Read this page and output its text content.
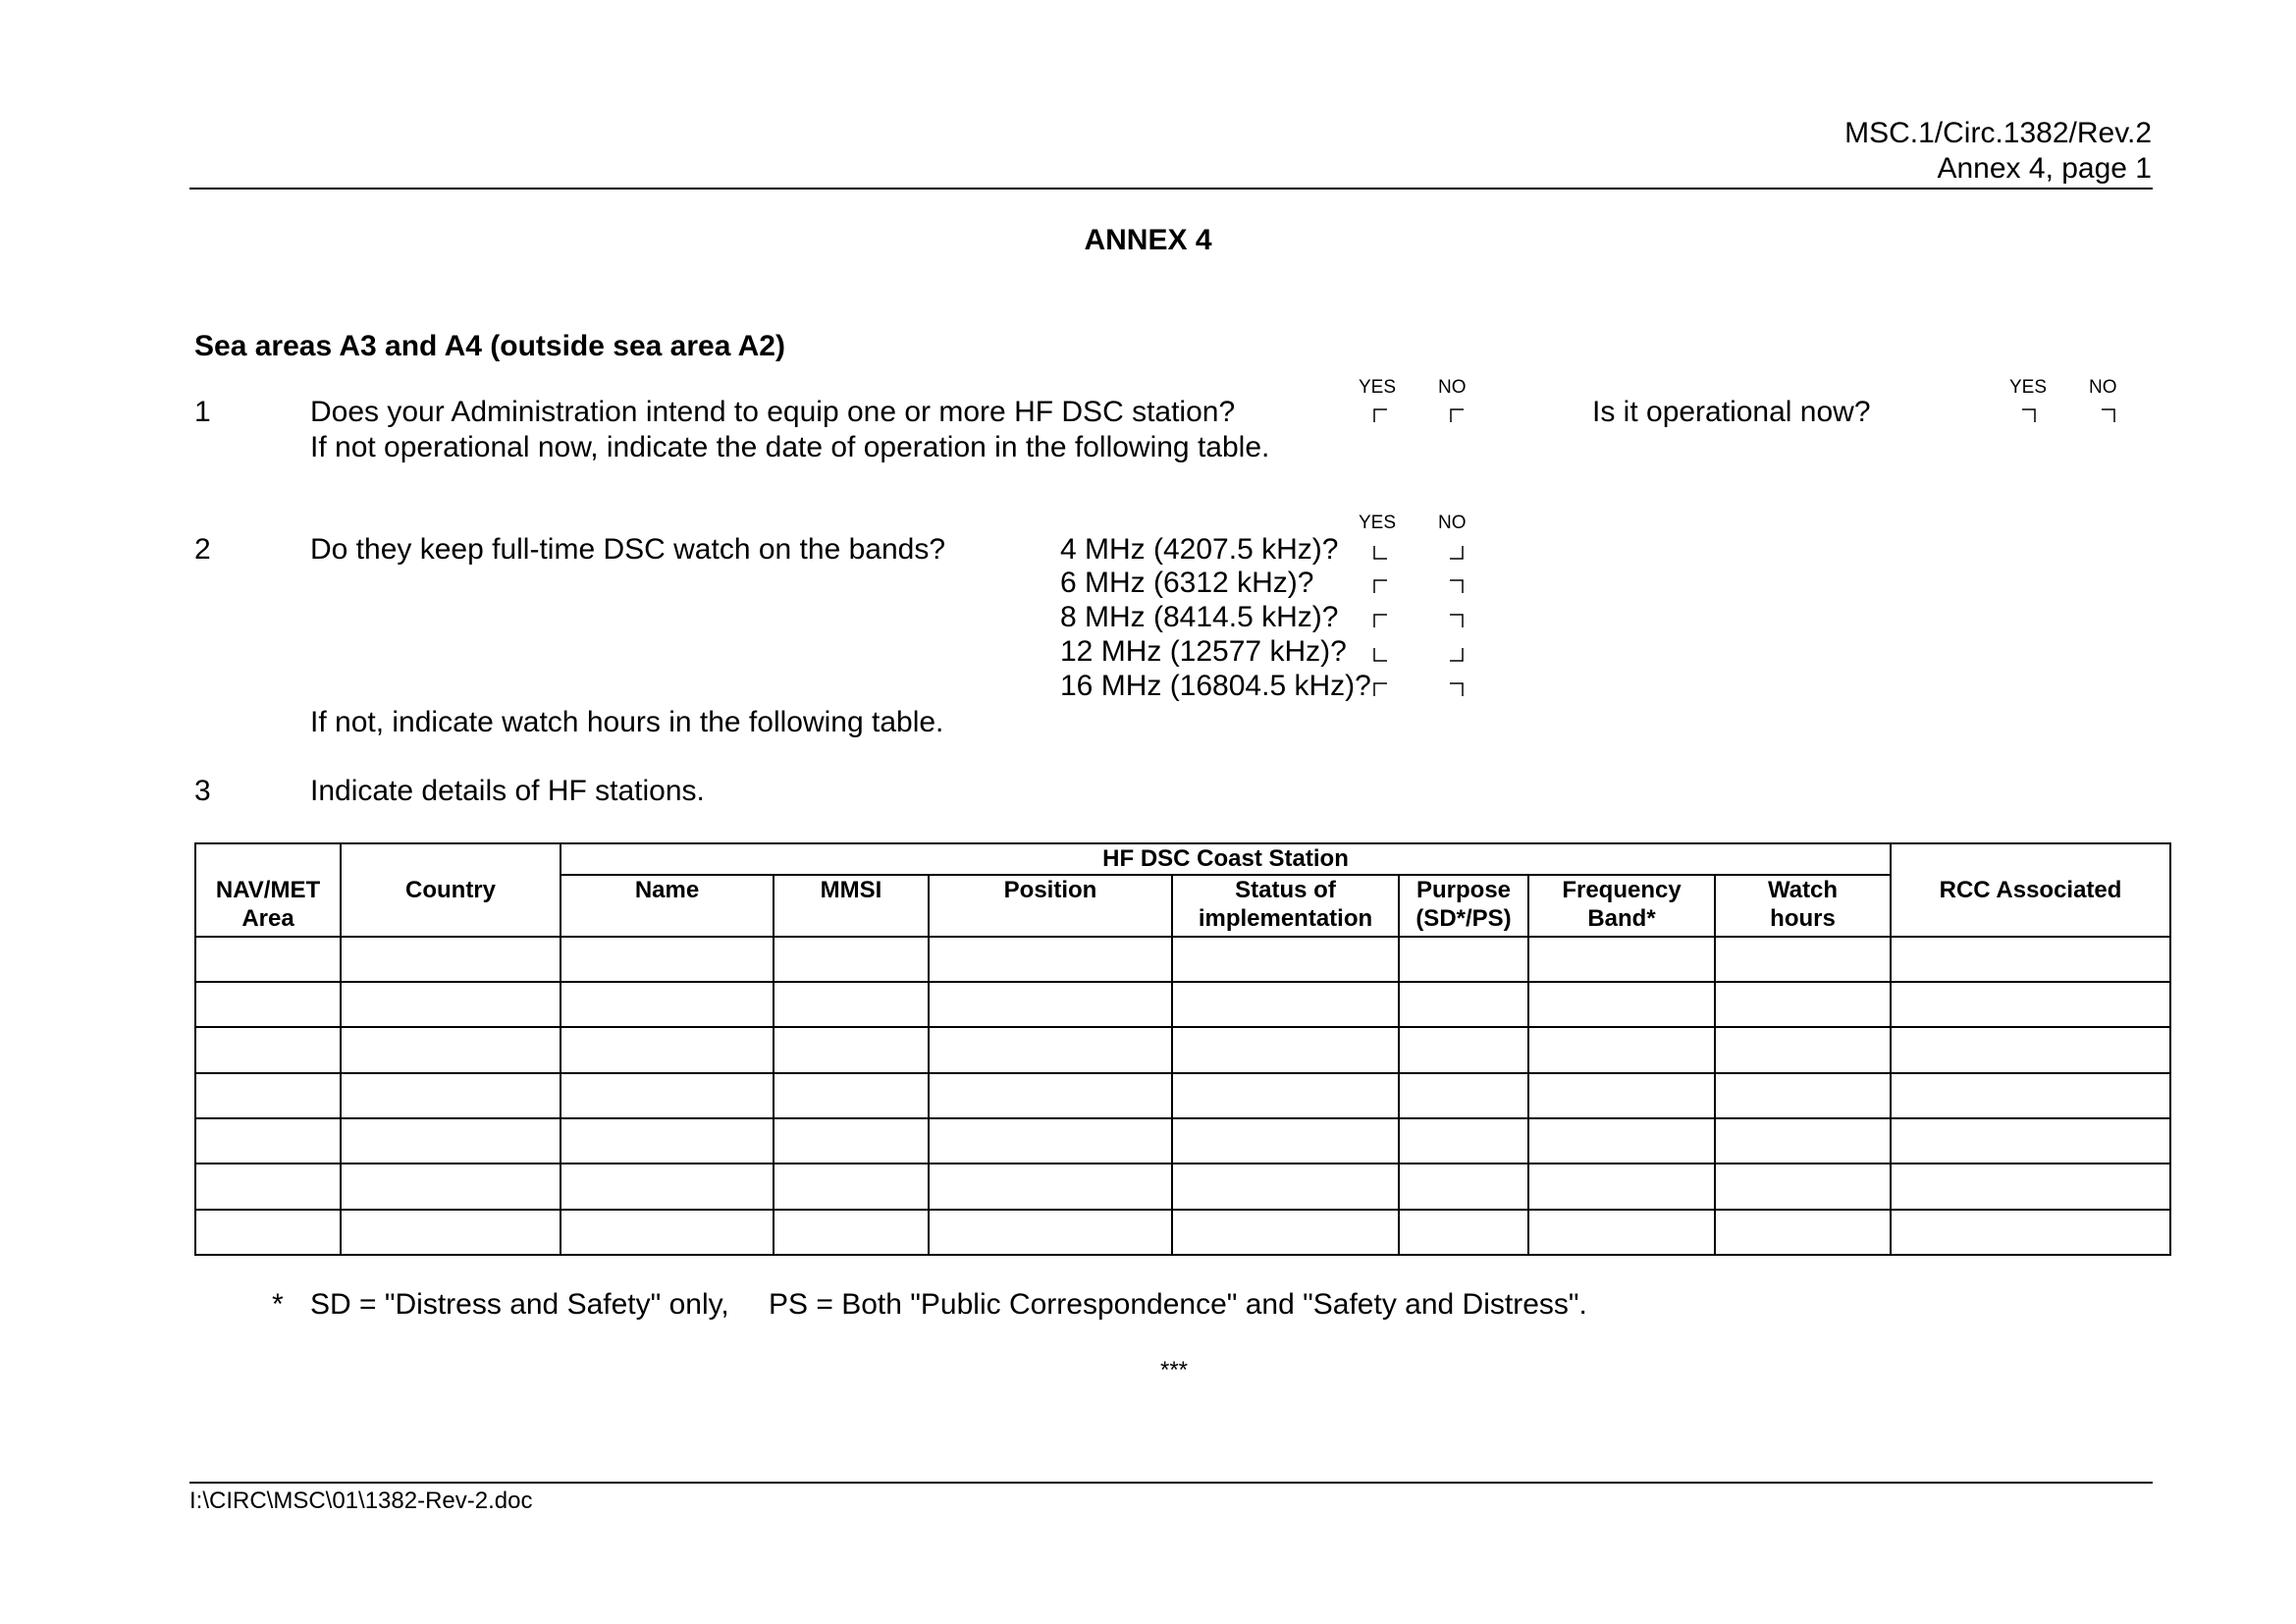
MSC.1/Circ.1382/Rev.2
Annex 4, page 1
ANNEX 4
Sea areas A3 and A4 (outside sea area A2)
YES NO	YES NO
1	Does your Administration intend to equip one or more HF DSC station?
If not operational now, indicate the date of operation in the following table.
Is it operational now?
YES NO
2	Do they keep full-time DSC watch on the bands?	4 MHz (4207.5 kHz)?
6 MHz (6312 kHz)?
8 MHz (8414.5 kHz)?
12 MHz (12577 kHz)?
16 MHz (16804.5 kHz)?
If not, indicate watch hours in the following table.
3	Indicate details of HF stations.
NAV/MET Area	Country	HF DSC Coast Station							RCC Associated
		Name	MMSI	Position	Status of implementation	Purpose (SD*/PS)	Frequency Band*	Watch hours	

* SD = "Distress and Safety" only, PS = Both "Public Correspondence" and "Safety and Distress".
***
I:\CIRC\MSC\01\1382-Rev-2.doc
